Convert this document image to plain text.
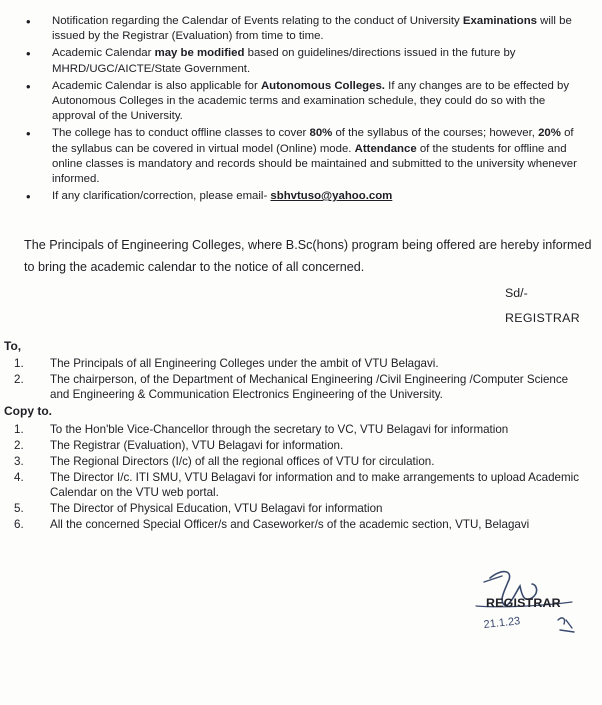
•	Notification regarding the Calendar of Events relating to the conduct of University Examinations will be issued by the Registrar (Evaluation) from time to time.
•	Academic Calendar may be modified based on guidelines/directions issued in the future by MHRD/UGC/AICTE/State Government.
•	Academic Calendar is also applicable for Autonomous Colleges. If any changes are to be effected by Autonomous Colleges in the academic terms and examination schedule, they could do so with the approval of the University.
•	The college has to conduct offline classes to cover 80% of the syllabus of the courses; however, 20% of the syllabus can be covered in virtual model (Online) mode. Attendance of the students for offline and online classes is mandatory and records should be maintained and submitted to the university whenever informed.
•	If any clarification/correction, please email- sbhvtuso@yahoo.com
The Principals of Engineering Colleges, where B.Sc(hons) program being offered are hereby informed to bring the academic calendar to the notice of all concerned.
Sd/-
REGISTRAR
To,
1.	The Principals of all Engineering Colleges under the ambit of VTU Belagavi.
2.	The chairperson, of the Department of Mechanical Engineering /Civil Engineering /Computer Science and Engineering & Communication Electronics Engineering of the University.
Copy to.
1.	To the Hon'ble Vice-Chancellor through the secretary to VC, VTU Belagavi for information
2.	The Registrar (Evaluation), VTU Belagavi for information.
3.	The Regional Directors (I/c) of all the regional offices of VTU for circulation.
4.	The Director I/c. ITI SMU, VTU Belagavi for information and to make arrangements to upload Academic Calendar on the VTU web portal.
5.	The Director of Physical Education, VTU Belagavi for information
6.	All the concerned Special Officer/s and Caseworker/s of the academic section, VTU, Belagavi
21.1.23
REGISTRAR
